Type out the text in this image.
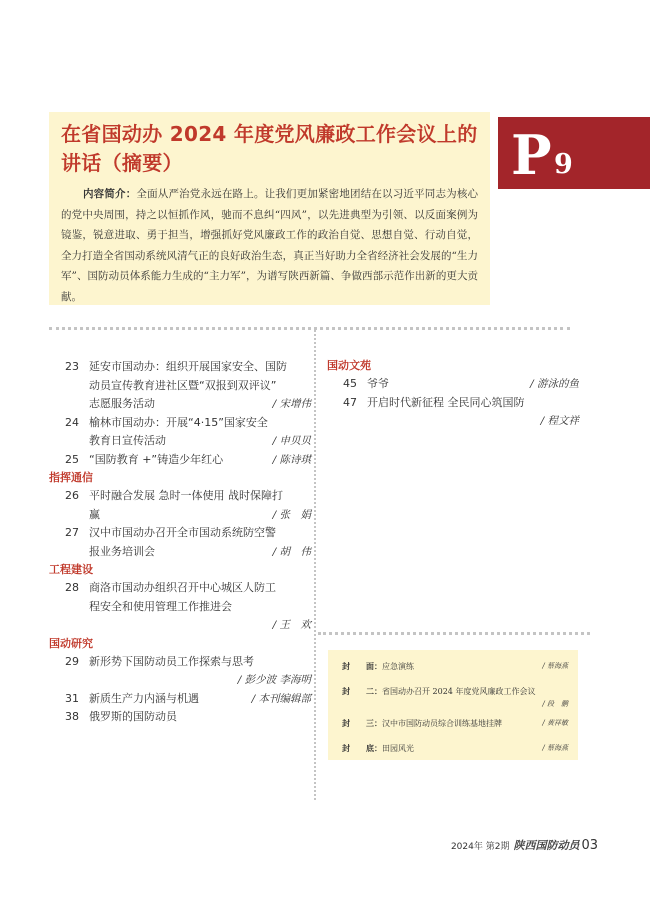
在省国动办 2024 年度党风廉政工作会议上的讲话（摘要）

内容简介：全面从严治党永远在路上。让我们更加紧密地团结在以习近平同志为核心的党中央周围，持之以恒抓作风，驰而不息纠“四风”，以先进典型为引领、以反面案例为镜鉴，锐意进取、勇于担当，增强抓好党风廉政工作的政治自觉、思想自觉、行动自觉，全力打造全省国动系统风清气正的良好政治生态，真正当好助力全省经济社会发展的“生力军”、国防动员体系能力生成的“主力军”，为谱写陕西新篇、争做西部示范作出新的更大贡献。

P 9
23 延安市国动办：组织开展国家安全、国防
动员宣传教育进社区暨“双报到双评议”
志愿服务活动	/ 宋增伟
24 榆林市国动办：开展“4·15”国家安全
教育日宣传活动	/ 申贝贝
25 “国防教育 +”铸造少年红心	/ 陈诗琪
指挥通信
26 平时融合发展 急时一体使用 战时保障打
赢	/ 张　娟
27 汉中市国动办召开全市国动系统防空警
报业务培训会	/ 胡　伟
工程建设
28 商洛市国动办组织召开中心城区人防工
程安全和使用管理工作推进会
/ 王　欢
国动研究
29 新形势下国防动员工作探索与思考
/ 彭少波 李海明
31 新质生产力内涵与机遇	/ 本刊编辑部
38 俄罗斯的国防动员
国动文苑
45 爷爷	/ 游泳的鱼
47 开启时代新征程 全民同心筑国防
/ 程文祥
封　　面： 应急演练	/ 蔡海燕
封　　二： 省国动办召开 2024 年度党风廉政工作会议
/ 段　鹏
封　　三： 汉中市国防动员综合训练基地挂牌	/ 黄祥敏
封　　底： 田园风光	/ 蔡海燕
2024年 第2期 陕西国防动员 03
